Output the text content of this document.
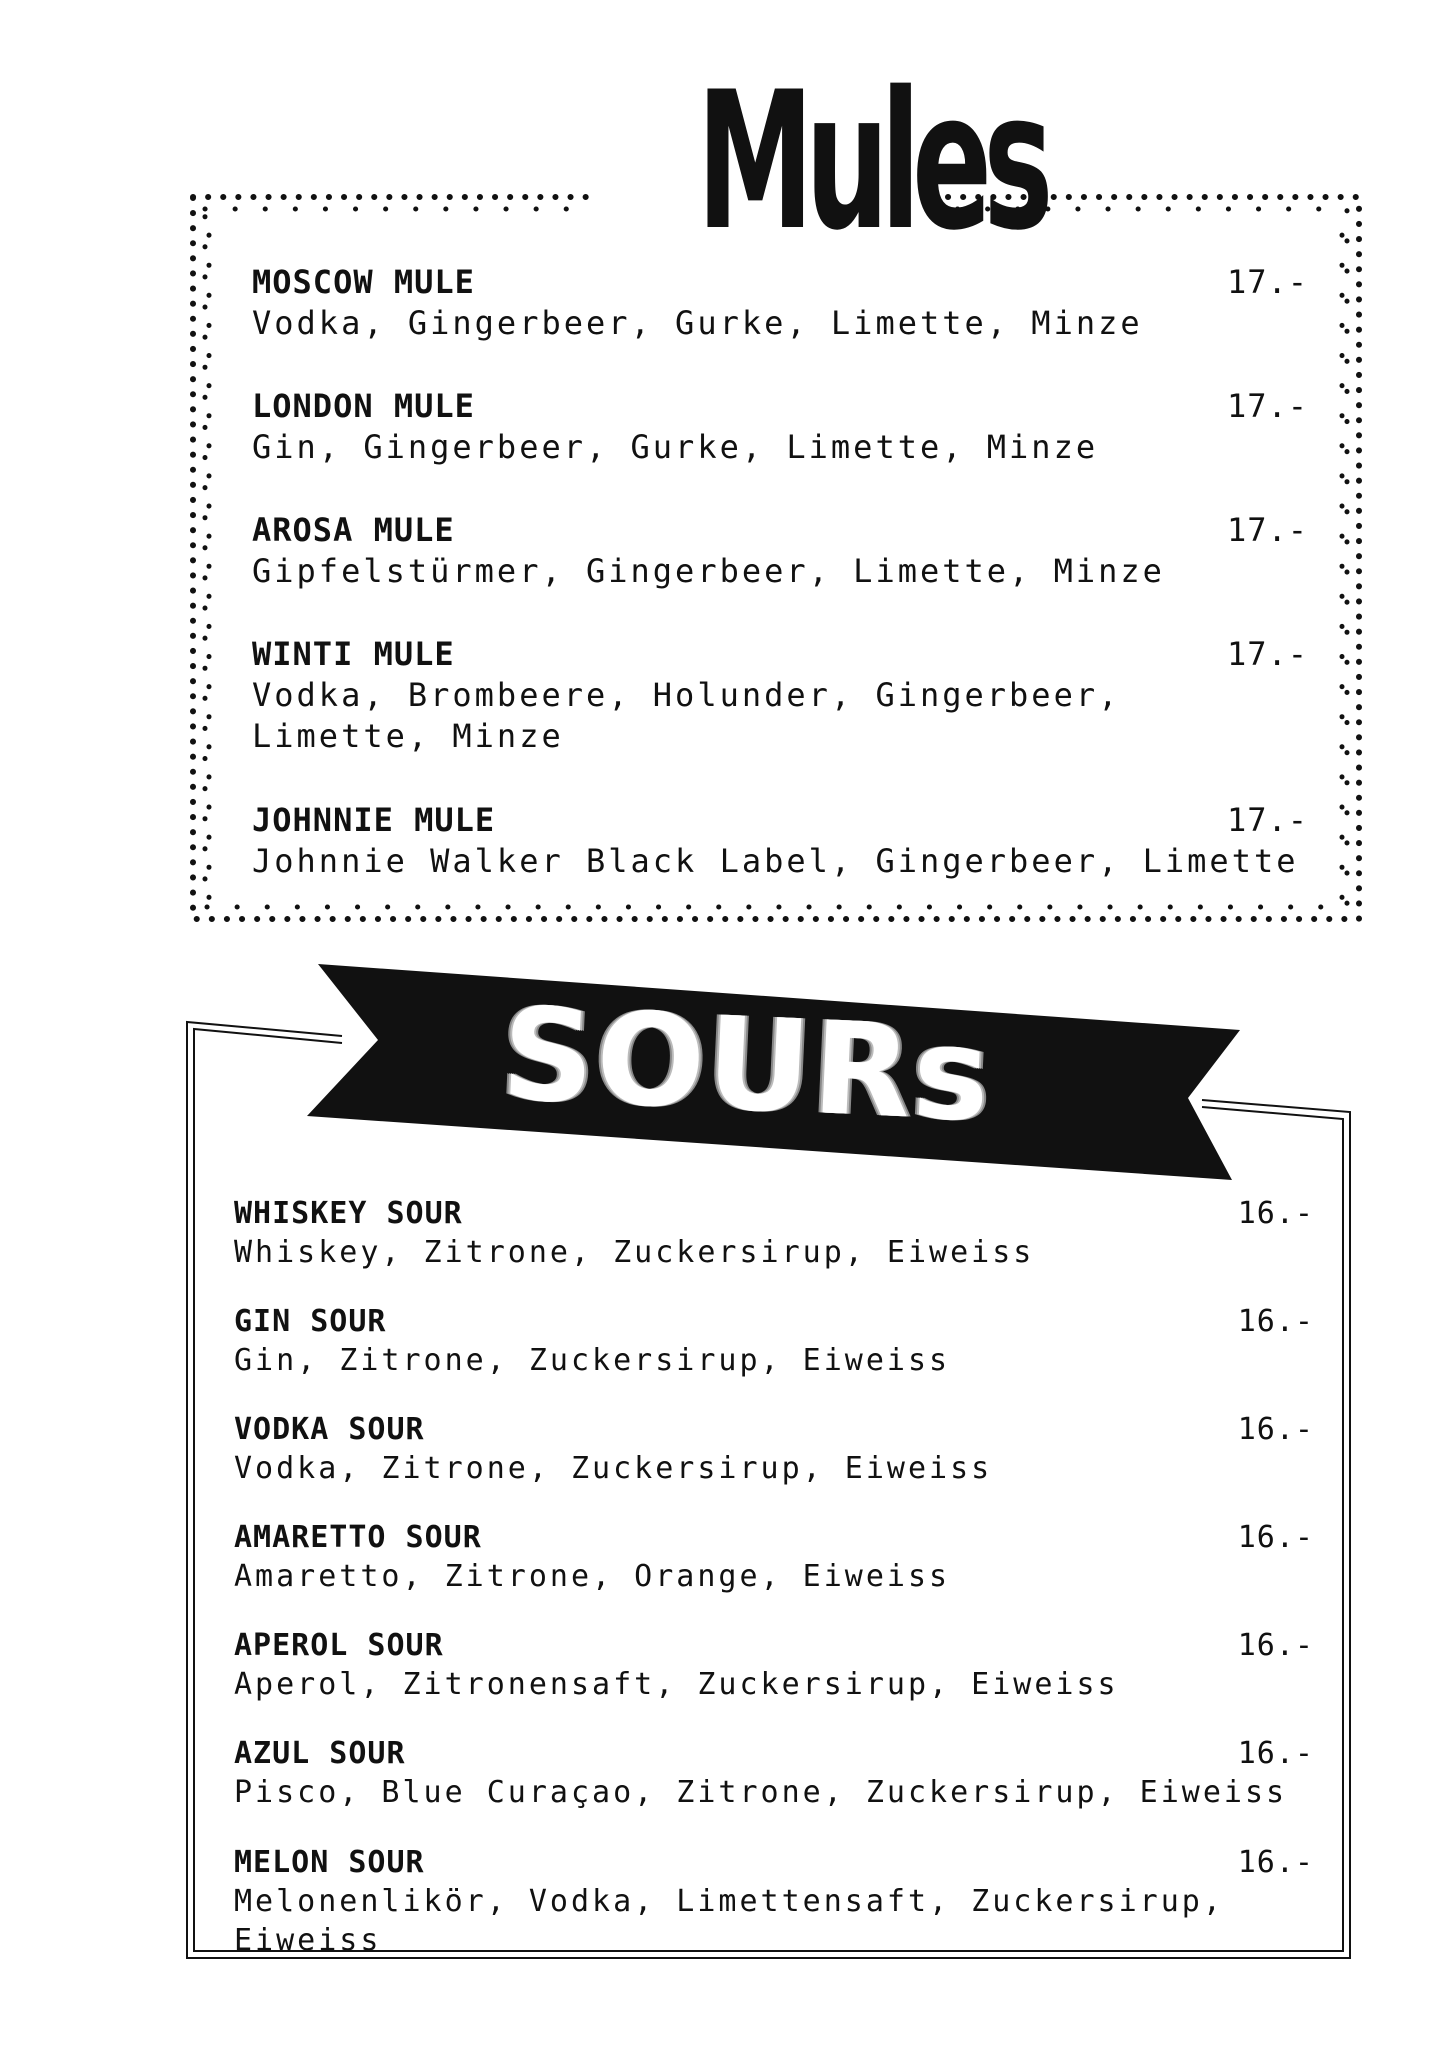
Mules
MOSCOW MULE	17.-
Vodka, Gingerbeer, Gurke, Limette, Minze
LONDON MULE	17.-
Gin, Gingerbeer, Gurke, Limette, Minze
AROSA MULE	17.-
Gipfelstürmer, Gingerbeer, Limette, Minze
WINTI MULE	17.-
Vodka, Brombeere, Holunder, Gingerbeer,
Limette, Minze
JOHNNIE MULE	17.-
Johnnie Walker Black Label, Gingerbeer, Limette
SOURs
WHISKEY SOUR	16.-
Whiskey, Zitrone, Zuckersirup, Eiweiss
GIN SOUR	16.-
Gin, Zitrone, Zuckersirup, Eiweiss
VODKA SOUR	16.-
Vodka, Zitrone, Zuckersirup, Eiweiss
AMARETTO SOUR	16.-
Amaretto, Zitrone, Orange, Eiweiss
APEROL SOUR	16.-
Aperol, Zitronensaft, Zuckersirup, Eiweiss
AZUL SOUR	16.-
Pisco, Blue Curaçao, Zitrone, Zuckersirup, Eiweiss
MELON SOUR	16.-
Melonenlikör, Vodka, Limettensaft, Zuckersirup, Eiweiss
